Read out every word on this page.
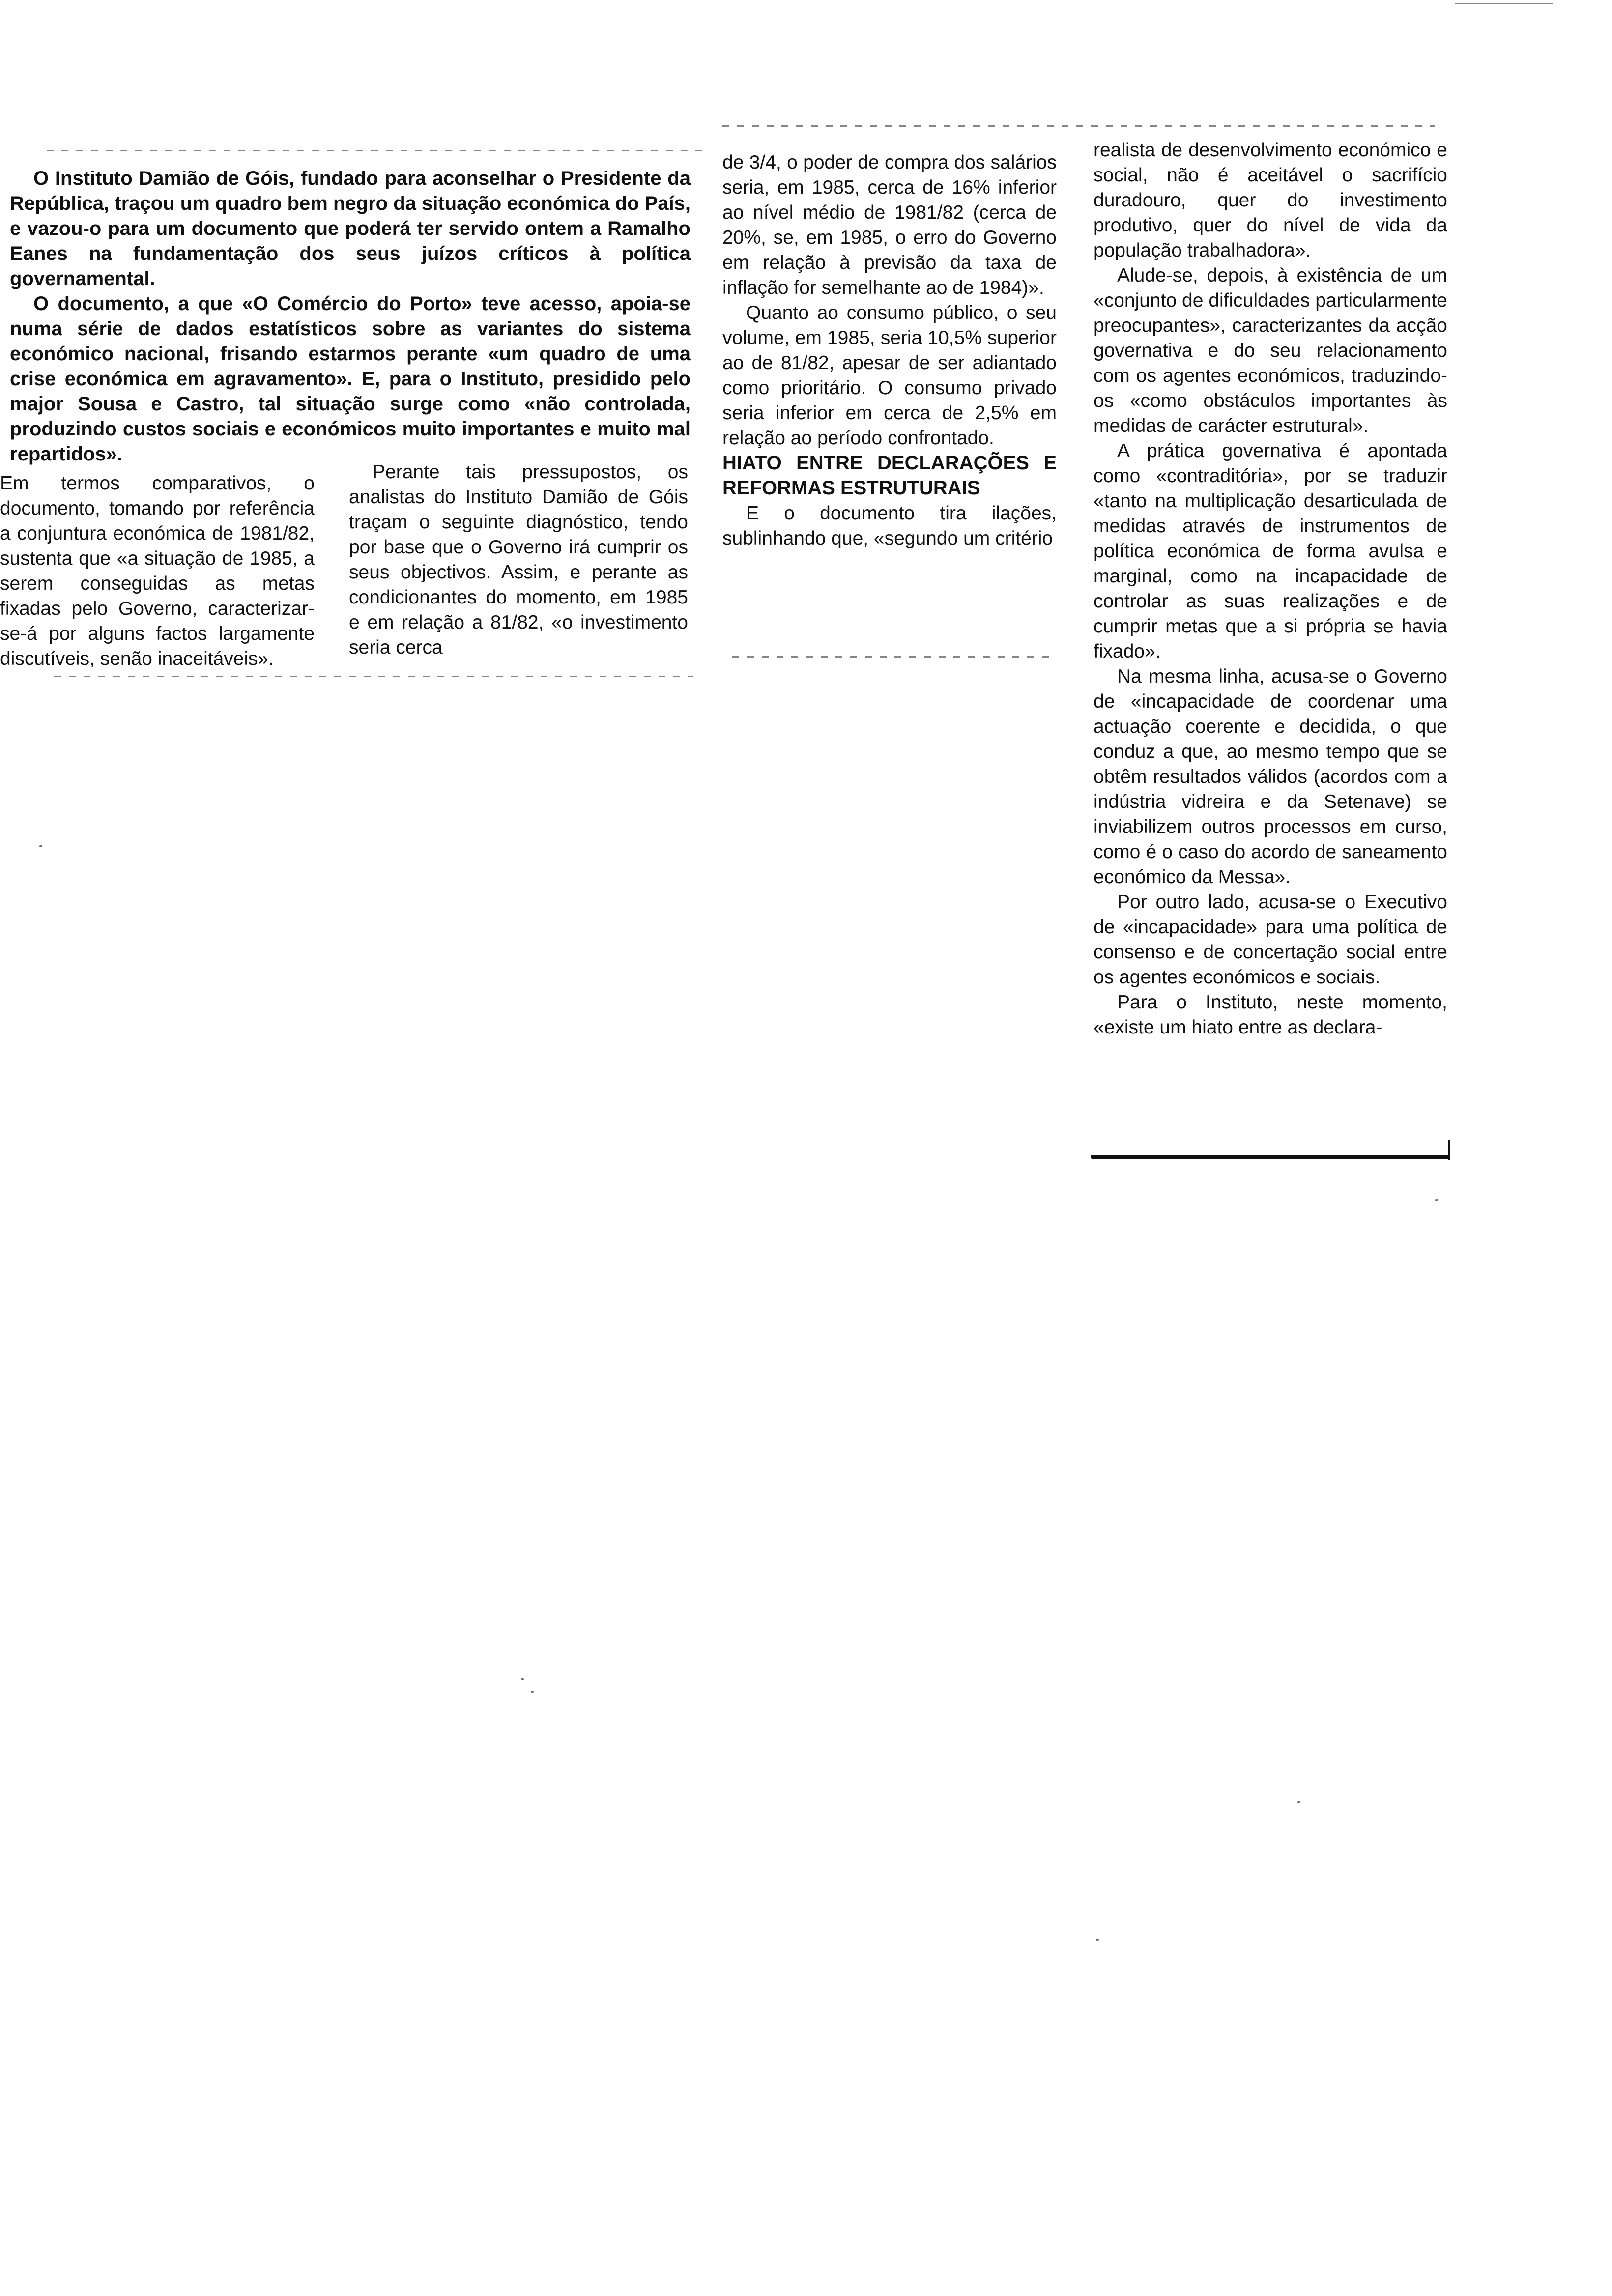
O Instituto Damião de Góis, fundado para aconselhar o Presidente da República, traçou um quadro bem negro da situação económica do País, e vazou-o para um documento que poderá ter servido ontem a Ramalho Eanes na fundamentação dos seus juízos críticos à política governamental.

O documento, a que «O Comércio do Porto» teve acesso, apoia-se numa série de dados estatísticos sobre as variantes do sistema económico nacional, frisando estarmos perante «um quadro de uma crise económica em agravamento». E, para o Instituto, presidido pelo major Sousa e Castro, tal situação surge como «não controlada, produzindo custos sociais e económicos muito importantes e muito mal repartidos».

Em termos comparativos, o documento, tomando por referência a conjuntura económica de 1981/82, sustenta que «a situação de 1985, a serem conseguidas as metas fixadas pelo Governo, caracterizar-se-á por alguns factos largamente discutíveis, senão inaceitáveis».

Perante tais pressupostos, os analistas do Instituto Damião de Góis traçam o seguinte diagnóstico, tendo por base que o Governo irá cumprir os seus objectivos. Assim, e perante as condicionantes do momento, em 1985 e em relação a 81/82, «o investimento seria cerca

de 3/4, o poder de compra dos salários seria, em 1985, cerca de 16% inferior ao nível médio de 1981/82 (cerca de 20%, se, em 1985, o erro do Governo em relação à previsão da taxa de inflação for semelhante ao de 1984)».

Quanto ao consumo público, o seu volume, em 1985, seria 10,5% superior ao de 81/82, apesar de ser adiantado como prioritário. O consumo privado seria inferior em cerca de 2,5% em relação ao período confrontado.

HIATO ENTRE DECLARAÇÕES E REFORMAS ESTRUTURAIS

E o documento tira ilações, sublinhando que, «segundo um critério

realista de desenvolvimento económico e social, não é aceitável o sacrifício duradouro, quer do investimento produtivo, quer do nível de vida da população trabalhadora».

Alude-se, depois, à existência de um «conjunto de dificuldades particularmente preocupantes», caracterizantes da acção governativa e do seu relacionamento com os agentes económicos, traduzindo-os «como obstáculos importantes às medidas de carácter estrutural».

A prática governativa é apontada como «contraditória», por se traduzir «tanto na multiplicação desarticulada de medidas através de instrumentos de política económica de forma avulsa e marginal, como na incapacidade de controlar as suas realizações e de cumprir metas que a si própria se havia fixado».

Na mesma linha, acusa-se o Governo de «incapacidade de coordenar uma actuação coerente e decidida, o que conduz a que, ao mesmo tempo que se obtêm resultados válidos (acordos com a indústria vidreira e da Setenave) se inviabilizem outros processos em curso, como é o caso do acordo de saneamento económico da Messa».

Por outro lado, acusa-se o Executivo de «incapacidade» para uma política de consenso e de concertação social entre os agentes económicos e sociais.

Para o Instituto, neste momento, «existe um hiato entre as declara-
